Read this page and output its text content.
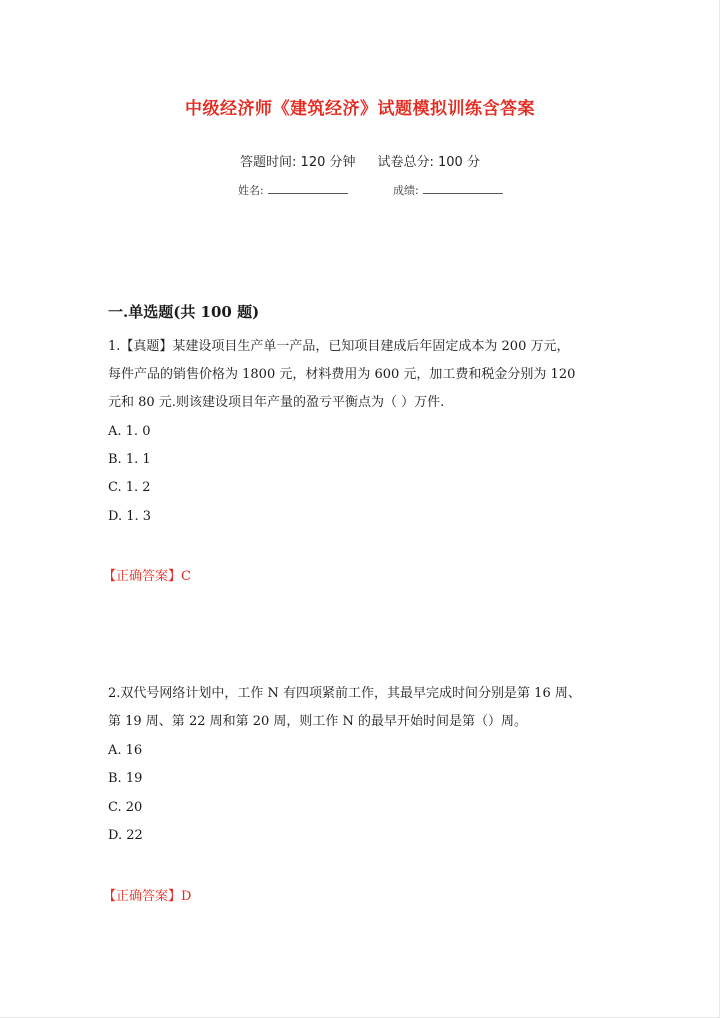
中级经济师《建筑经济》试题模拟训练含答案
答题时间: 120 分钟 试卷总分: 100 分
姓名:	成绩:
一.单选题(共 100 题)
1.【真题】某建设项目生产单一产品，已知项目建成后年固定成本为 200 万元，
每件产品的销售价格为 1800 元，材料费用为 600 元，加工费和税金分别为 120
元和 80 元.则该建设项目年产量的盈亏平衡点为（ ）万件.
A. 1. 0
B. 1. 1
C. 1. 2
D. 1. 3
【正确答案】C
2.双代号网络计划中，工作 N 有四项紧前工作，其最早完成时间分别是第 16 周、
第 19 周、第 22 周和第 20 周，则工作 N 的最早开始时间是第（）周。
A. 16
B. 19
C. 20
D. 22
【正确答案】D
